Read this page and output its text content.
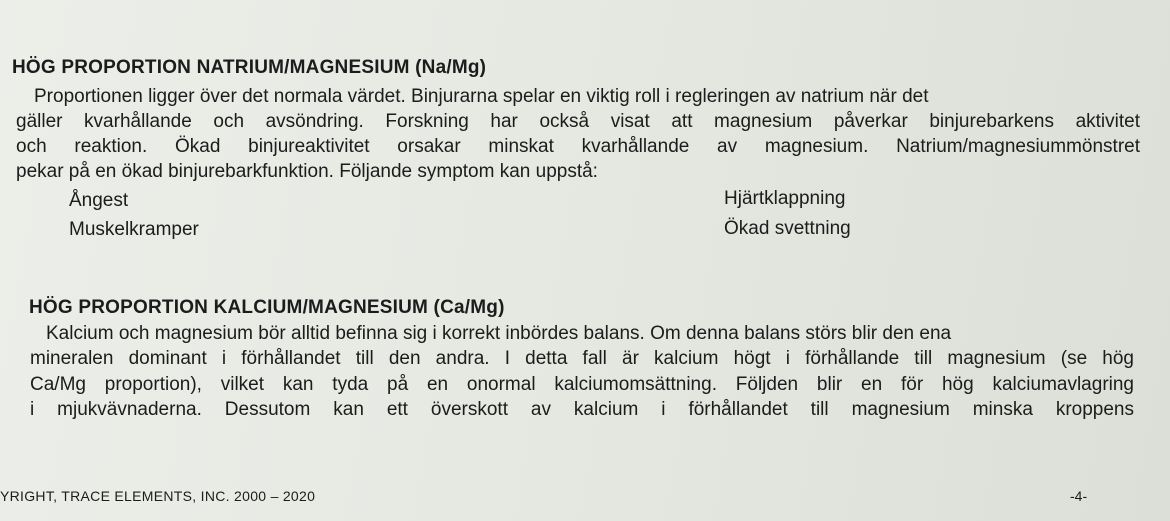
HÖG PROPORTION NATRIUM/MAGNESIUM (Na/Mg)
Proportionen ligger över det normala värdet. Binjurarna spelar en viktig roll i regleringen av natrium när det
gäller kvarhållande och avsöndring. Forskning har också visat att magnesium påverkar binjurebarkens aktivitet
och reaktion. Ökad binjureaktivitet orsakar minskat kvarhållande av magnesium. Natrium/magnesiummönstret
pekar på en ökad binjurebarkfunktion. Följande symptom kan uppstå:
Ångest	Hjärtklappning
Muskelkramper	Ökad svettning
HÖG PROPORTION KALCIUM/MAGNESIUM (Ca/Mg)
Kalcium och magnesium bör alltid befinna sig i korrekt inbördes balans. Om denna balans störs blir den ena
mineralen dominant i förhållandet till den andra. I detta fall är kalcium högt i förhållande till magnesium (se hög
Ca/Mg proportion), vilket kan tyda på en onormal kalciumomsättning. Följden blir en för hög kalciumavlagring
i mjukvävnaderna. Dessutom kan ett överskott av kalcium i förhållandet till magnesium minska kroppens
YRIGHT, TRACE ELEMENTS, INC. 2000 – 2020	-4-
